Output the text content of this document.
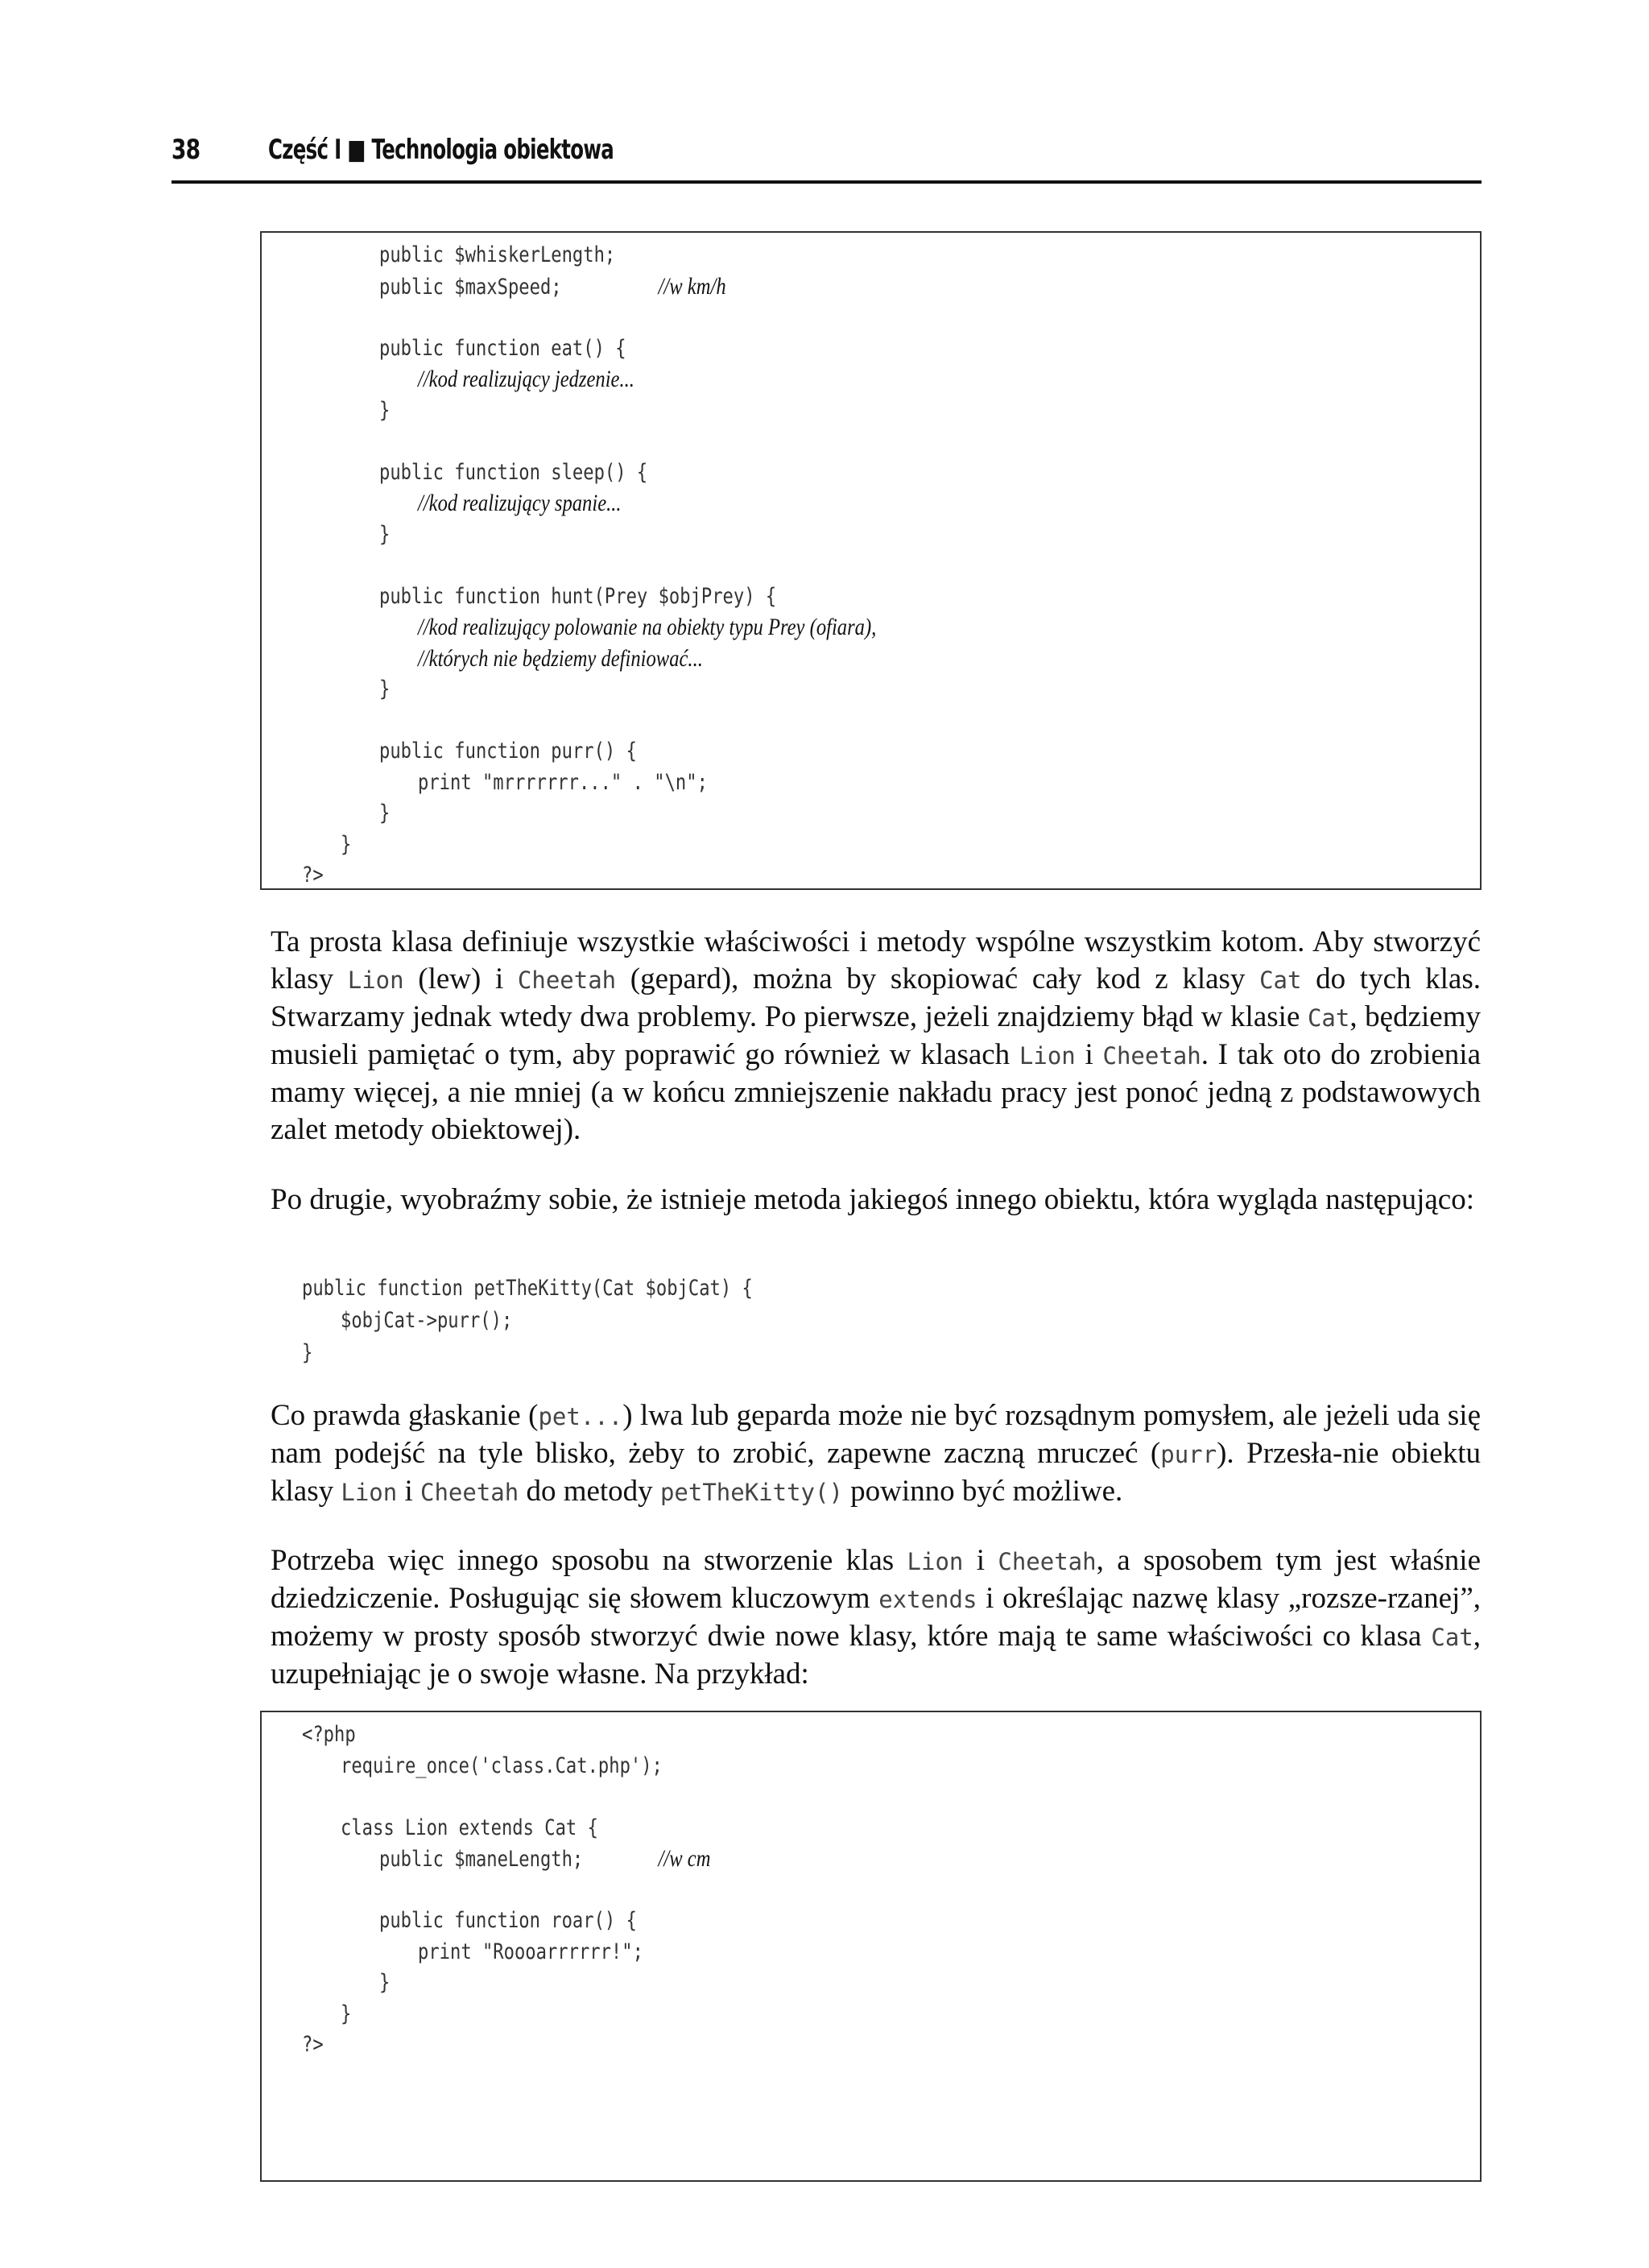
38 Część I ■ Technologia obiektowa
public $whiskerLength;
public $maxSpeed;	//w km/h
public function eat() {
//kod realizujący jedzenie...
}
public function sleep() {
//kod realizujący spanie...
}
public function hunt(Prey $objPrey) {
//kod realizujący polowanie na obiekty typu Prey (ofiara),
//których nie będziemy definiować...
}
public function purr() {
print "mrrrrrrr..." . "\n";
}
}
?>
Ta prosta klasa definiuje wszystkie właściwości i metody wspólne wszystkim kotom. Aby stworzyć klasy Lion (lew) i Cheetah (gepard), można by skopiować cały kod z klasy Cat do tych klas. Stwarzamy jednak wtedy dwa problemy. Po pierwsze, jeżeli znajdziemy błąd w klasie Cat, będziemy musieli pamiętać o tym, aby poprawić go również w klasach Lion i Cheetah. I tak oto do zrobienia mamy więcej, a nie mniej (a w końcu zmniejszenie nakładu pracy jest ponoć jedną z podstawowych zalet metody obiektowej).
Po drugie, wyobraźmy sobie, że istnieje metoda jakiegoś innego obiektu, która wygląda następująco:
public function petTheKitty(Cat $objCat) {
$objCat->purr();
}
Co prawda głaskanie (pet...) lwa lub geparda może nie być rozsądnym pomysłem, ale jeżeli uda się nam podejść na tyle blisko, żeby to zrobić, zapewne zaczną mruczeć (purr). Przesła-nie obiektu klasy Lion i Cheetah do metody petTheKitty() powinno być możliwe.
Potrzeba więc innego sposobu na stworzenie klas Lion i Cheetah, a sposobem tym jest właśnie dziedziczenie. Posługując się słowem kluczowym extends i określając nazwę klasy „rozsze-rzanej”, możemy w prosty sposób stworzyć dwie nowe klasy, które mają te same właściwości co klasa Cat, uzupełniając je o swoje własne. Na przykład:
<?php
require_once('class.Cat.php');
class Lion extends Cat {
public $maneLength;	//w cm
public function roar() {
print "Roooarrrrrr!";
}
}
?>
